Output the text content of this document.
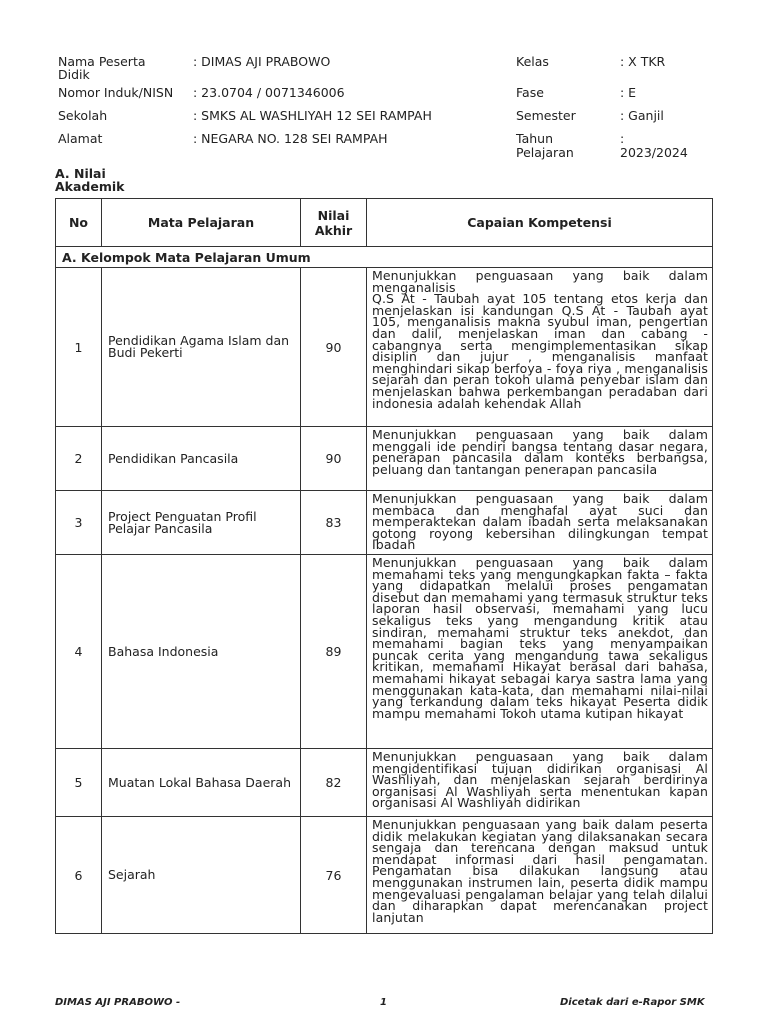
Nama Peserta Didik
: DIMAS AJI PRABOWO
Nomor Induk/NISN : 23.0704 / 0071346006
Sekolah	: SMKS AL WASHLIYAH 12 SEI RAMPAH
Alamat	: NEGARA NO. 128 SEI RAMPAH
Kelas	: X TKR
Fase	: E
Semester	: Ganjil
Tahun Pelajaran
:
2023/2024
A. Nilai Akademik
No	Mata Pelajaran	Nilai Akhir	Capaian Kompetensi
A. Kelompok Mata Pelajaran Umum			
1	Pendidikan Agama Islam dan Budi Pekerti	90	Menunjukkan penguasaan yang baik dalam menganalisis
Q.S At - Taubah ayat 105 tentang etos kerja dan menjelaskan isi kandungan Q.S At - Taubah ayat 105, menganalisis makna syubul iman, pengertian dan dalil, menjelaskan iman dan cabang - cabangnya serta mengimplementasikan sikap disiplin dan jujur , menganalisis manfaat menghindari sikap berfoya - foya riya , menganalisis sejarah dan peran tokoh ulama penyebar islam dan menjelaskan bahwa perkembangan peradaban dari indonesia adalah kehendak Allah

2	Pendidikan Pancasila	90	Menunjukkan penguasaan yang baik dalam menggali ide pendiri bangsa tentang dasar negara, penerapan pancasila dalam konteks berbangsa, peluang dan tantangan penerapan pancasila

3	Project Penguatan Profil Pelajar Pancasila	83	Menunjukkan penguasaan yang baik dalam membaca dan menghafal ayat suci dan memperaktekan dalam ibadah serta melaksanakan gotong royong kebersihan dilingkungan tempat Ibadah

4	Bahasa Indonesia	89	Menunjukkan penguasaan yang baik dalam memahami teks yang mengungkapkan fakta – fakta yang didapatkan melalui proses pengamatan disebut dan memahami yang termasuk struktur teks laporan hasil observasi, memahami yang lucu sekaligus teks yang mengandung kritik atau sindiran, memahami struktur teks anekdot, dan memahami bagian teks yang menyampaikan puncak cerita yang mengandung tawa sekaligus kritikan, memahami Hikayat berasal dari bahasa, memahami hikayat sebagai karya sastra lama yang menggunakan kata-kata, dan memahami nilai-nilai yang terkandung dalam teks hikayat Peserta didik mampu memahami Tokoh utama kutipan hikayat

5	Muatan Lokal Bahasa Daerah	82	Menunjukkan penguasaan yang baik dalam mengidentifikasi tujuan didirikan organisasi Al Washliyah, dan menjelaskan sejarah berdirinya organisasi Al Washliyah serta menentukan kapan organisasi Al Washliyah didirikan

6	Sejarah	76	Menunjukkan penguasaan yang baik dalam peserta didik melakukan kegiatan yang dilaksanakan secara sengaja dan terencana dengan maksud untuk mendapat informasi dari hasil pengamatan. Pengamatan bisa dilakukan langsung atau menggunakan instrumen lain, peserta didik mampu mengevaluasi pengalaman belajar yang telah dilalui dan diharapkan dapat merencanakan project lanjutan
DIMAS AJI PRABOWO -	1	Dicetak dari e-Rapor SMK
